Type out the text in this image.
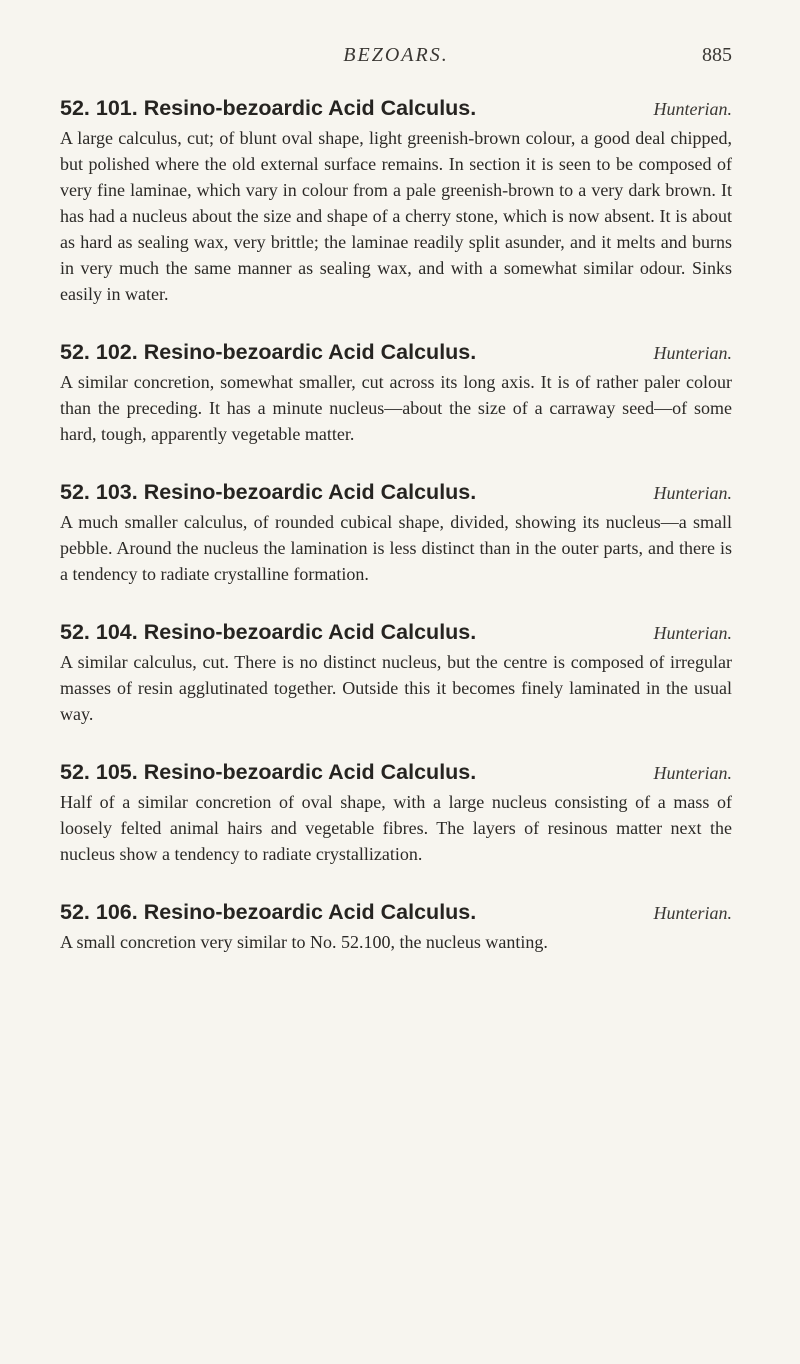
BEZOARS.	885
52. 101. Resino-bezoardic Acid Calculus.	Hunterian.

A large calculus, cut; of blunt oval shape, light greenish-brown colour, a good deal chipped, but polished where the old external surface remains. In section it is seen to be composed of very fine laminae, which vary in colour from a pale greenish-brown to a very dark brown. It has had a nucleus about the size and shape of a cherry stone, which is now absent. It is about as hard as sealing wax, very brittle; the laminae readily split asunder, and it melts and burns in very much the same manner as sealing wax, and with a somewhat similar odour. Sinks easily in water.

52. 102. Resino-bezoardic Acid Calculus.	Hunterian.

A similar concretion, somewhat smaller, cut across its long axis. It is of rather paler colour than the preceding. It has a minute nucleus—about the size of a carraway seed—of some hard, tough, apparently vegetable matter.

52. 103. Resino-bezoardic Acid Calculus.	Hunterian.

A much smaller calculus, of rounded cubical shape, divided, showing its nucleus—a small pebble. Around the nucleus the lamination is less distinct than in the outer parts, and there is a tendency to radiate crystalline formation.

52. 104. Resino-bezoardic Acid Calculus.	Hunterian.

A similar calculus, cut. There is no distinct nucleus, but the centre is composed of irregular masses of resin agglutinated together. Outside this it becomes finely laminated in the usual way.

52. 105. Resino-bezoardic Acid Calculus.	Hunterian.

Half of a similar concretion of oval shape, with a large nucleus consisting of a mass of loosely felted animal hairs and vegetable fibres. The layers of resinous matter next the nucleus show a tendency to radiate crystallization.

52. 106. Resino-bezoardic Acid Calculus.	Hunterian.

A small concretion very similar to No. 52.100, the nucleus wanting.
